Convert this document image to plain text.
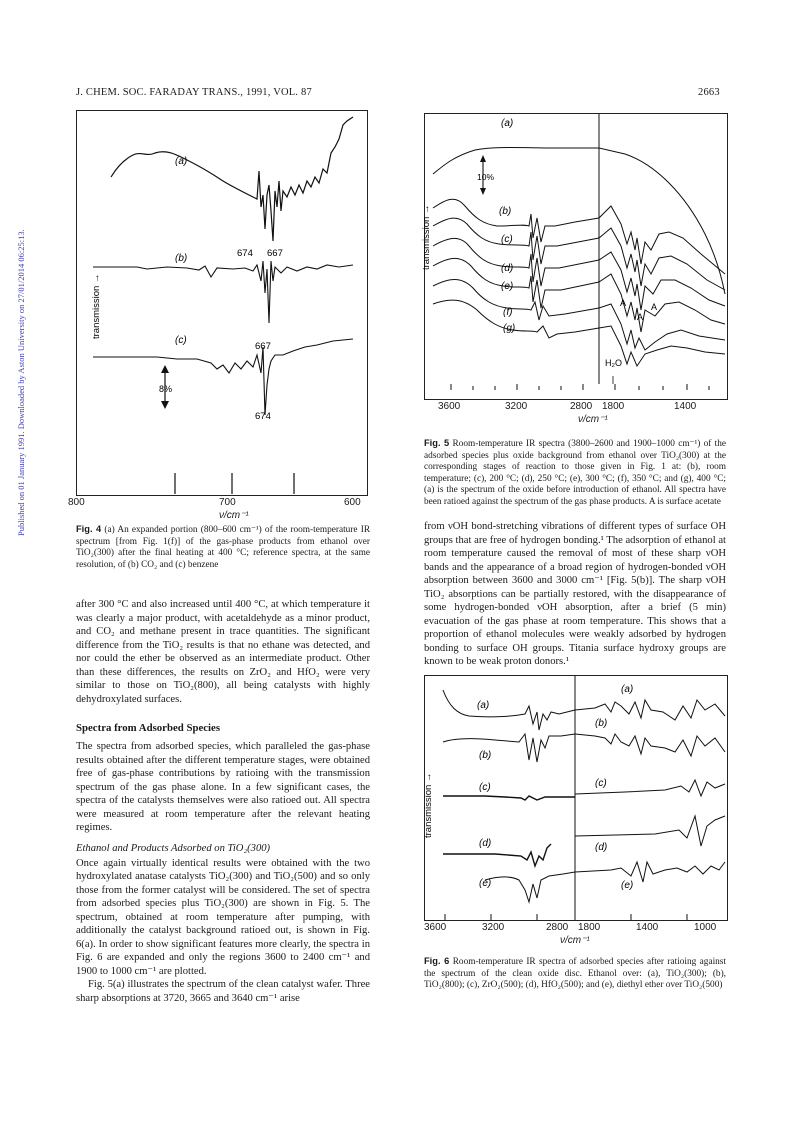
J. CHEM. SOC. FARADAY TRANS., 1991, VOL. 87	2663
Published on 01 January 1991. Downloaded by Aston University on 27/01/2014 06:25:13.
(a)
(b)
(c)
674 667
667
674
transmission →
8%
800	700	600
ν/cm⁻¹

Fig. 4 (a) An expanded portion (800–600 cm⁻¹) of the room-temperature IR spectrum [from Fig. 1(f)] of the gas-phase products from ethanol over TiO₂(300) after the final heating at 400 °C; reference spectra, at the same resolution, of (b) CO₂ and (c) benzene

(a)
(b)
(c)
(d)
(e)
(f)
(g)
10%
transmission →
A
A
A
H₂O
3600	3200	2800 1800	1400
ν/cm⁻¹

Fig. 5 Room-temperature IR spectra (3800–2600 and 1900–1000 cm⁻¹) of the adsorbed species plus oxide background from ethanol over TiO₂(300) at the corresponding stages of reaction to those given in Fig. 1 at: (b), room temperature; (c), 200 °C; (d), 250 °C; (e), 300 °C; (f), 350 °C; and (g), 400 °C; (a) is the spectrum of the oxide before introduction of ethanol. All spectra have been ratioed against the spectrum of the gas phase products. A is surface acetate

from νOH bond-stretching vibrations of different types of surface OH groups that are free of hydrogen bonding.¹ The adsorption of ethanol at room temperature caused the removal of most of these sharp νOH bands and the appearance of a broad region of hydrogen-bonded νOH absorption between 3600 and 3000 cm⁻¹ [Fig. 5(b)]. The sharp νOH TiO₂ absorptions can be partially restored, with the disappearance of some hydrogen-bonded νOH absorption, after a brief (5 min) evacuation of the gas phase at room temperature. This shows that a proportion of ethanol molecules were weakly adsorbed by hydrogen bonding to surface OH groups. Titania surface hydroxy groups are known to be weak proton donors.¹

(a)
(b)
(c)
(d)
(e)
(a)
(b)
(c)
(d)
(e)
transmission →
3600	3200	2800 1800	1400	1000
ν/cm⁻¹

Fig. 6 Room-temperature IR spectra of adsorbed species after ratioing against the spectrum of the clean oxide disc. Ethanol over: (a), TiO₂(300); (b), TiO₂(800); (c), ZrO₂(500); (d), HfO₂(500); and (e), diethyl ether over TiO₂(500)

after 300 °C and also increased until 400 °C, at which temperature it was clearly a major product, with acetaldehyde as a minor product, and CO₂ and methane present in trace quantities. The significant difference from the TiO₂ results is that no ethane was detected, and nor could the ether be observed as an intermediate product. Other than these differences, the results on ZrO₂ and HfO₂ were very similar to those on TiO₂(800), all being catalysts with highly dehydroxylated surfaces.

Spectra from Adsorbed Species

The spectra from adsorbed species, which paralleled the gas-phase results obtained after the different temperature stages, were obtained free of gas-phase contributions by ratioing with the transmission spectrum of the gas phase alone. In a few significant cases, the spectra of the catalysts themselves were also ratioed out. All spectra were measured at room temperature after the relevant heating regimes.

Ethanol and Products Adsorbed on TiO₂(300)

Once again virtually identical results were obtained with the two hydroxylated anatase catalysts TiO₂(300) and TiO₂(500) and so only those from the former catalyst will be considered. The set of spectra from adsorbed species plus TiO₂(300) are shown in Fig. 5. The spectrum, obtained at room temperature after pumping, with additionally the catalyst background ratioed out, is shown in Fig. 6(a). In order to show significant features more clearly, the spectra in Fig. 6 are expanded and only the regions 3600 to 2400 cm⁻¹ and 1900 to 1000 cm⁻¹ are plotted.

Fig. 5(a) illustrates the spectrum of the clean catalyst wafer. Three sharp absorptions at 3720, 3665 and 3640 cm⁻¹ arise
